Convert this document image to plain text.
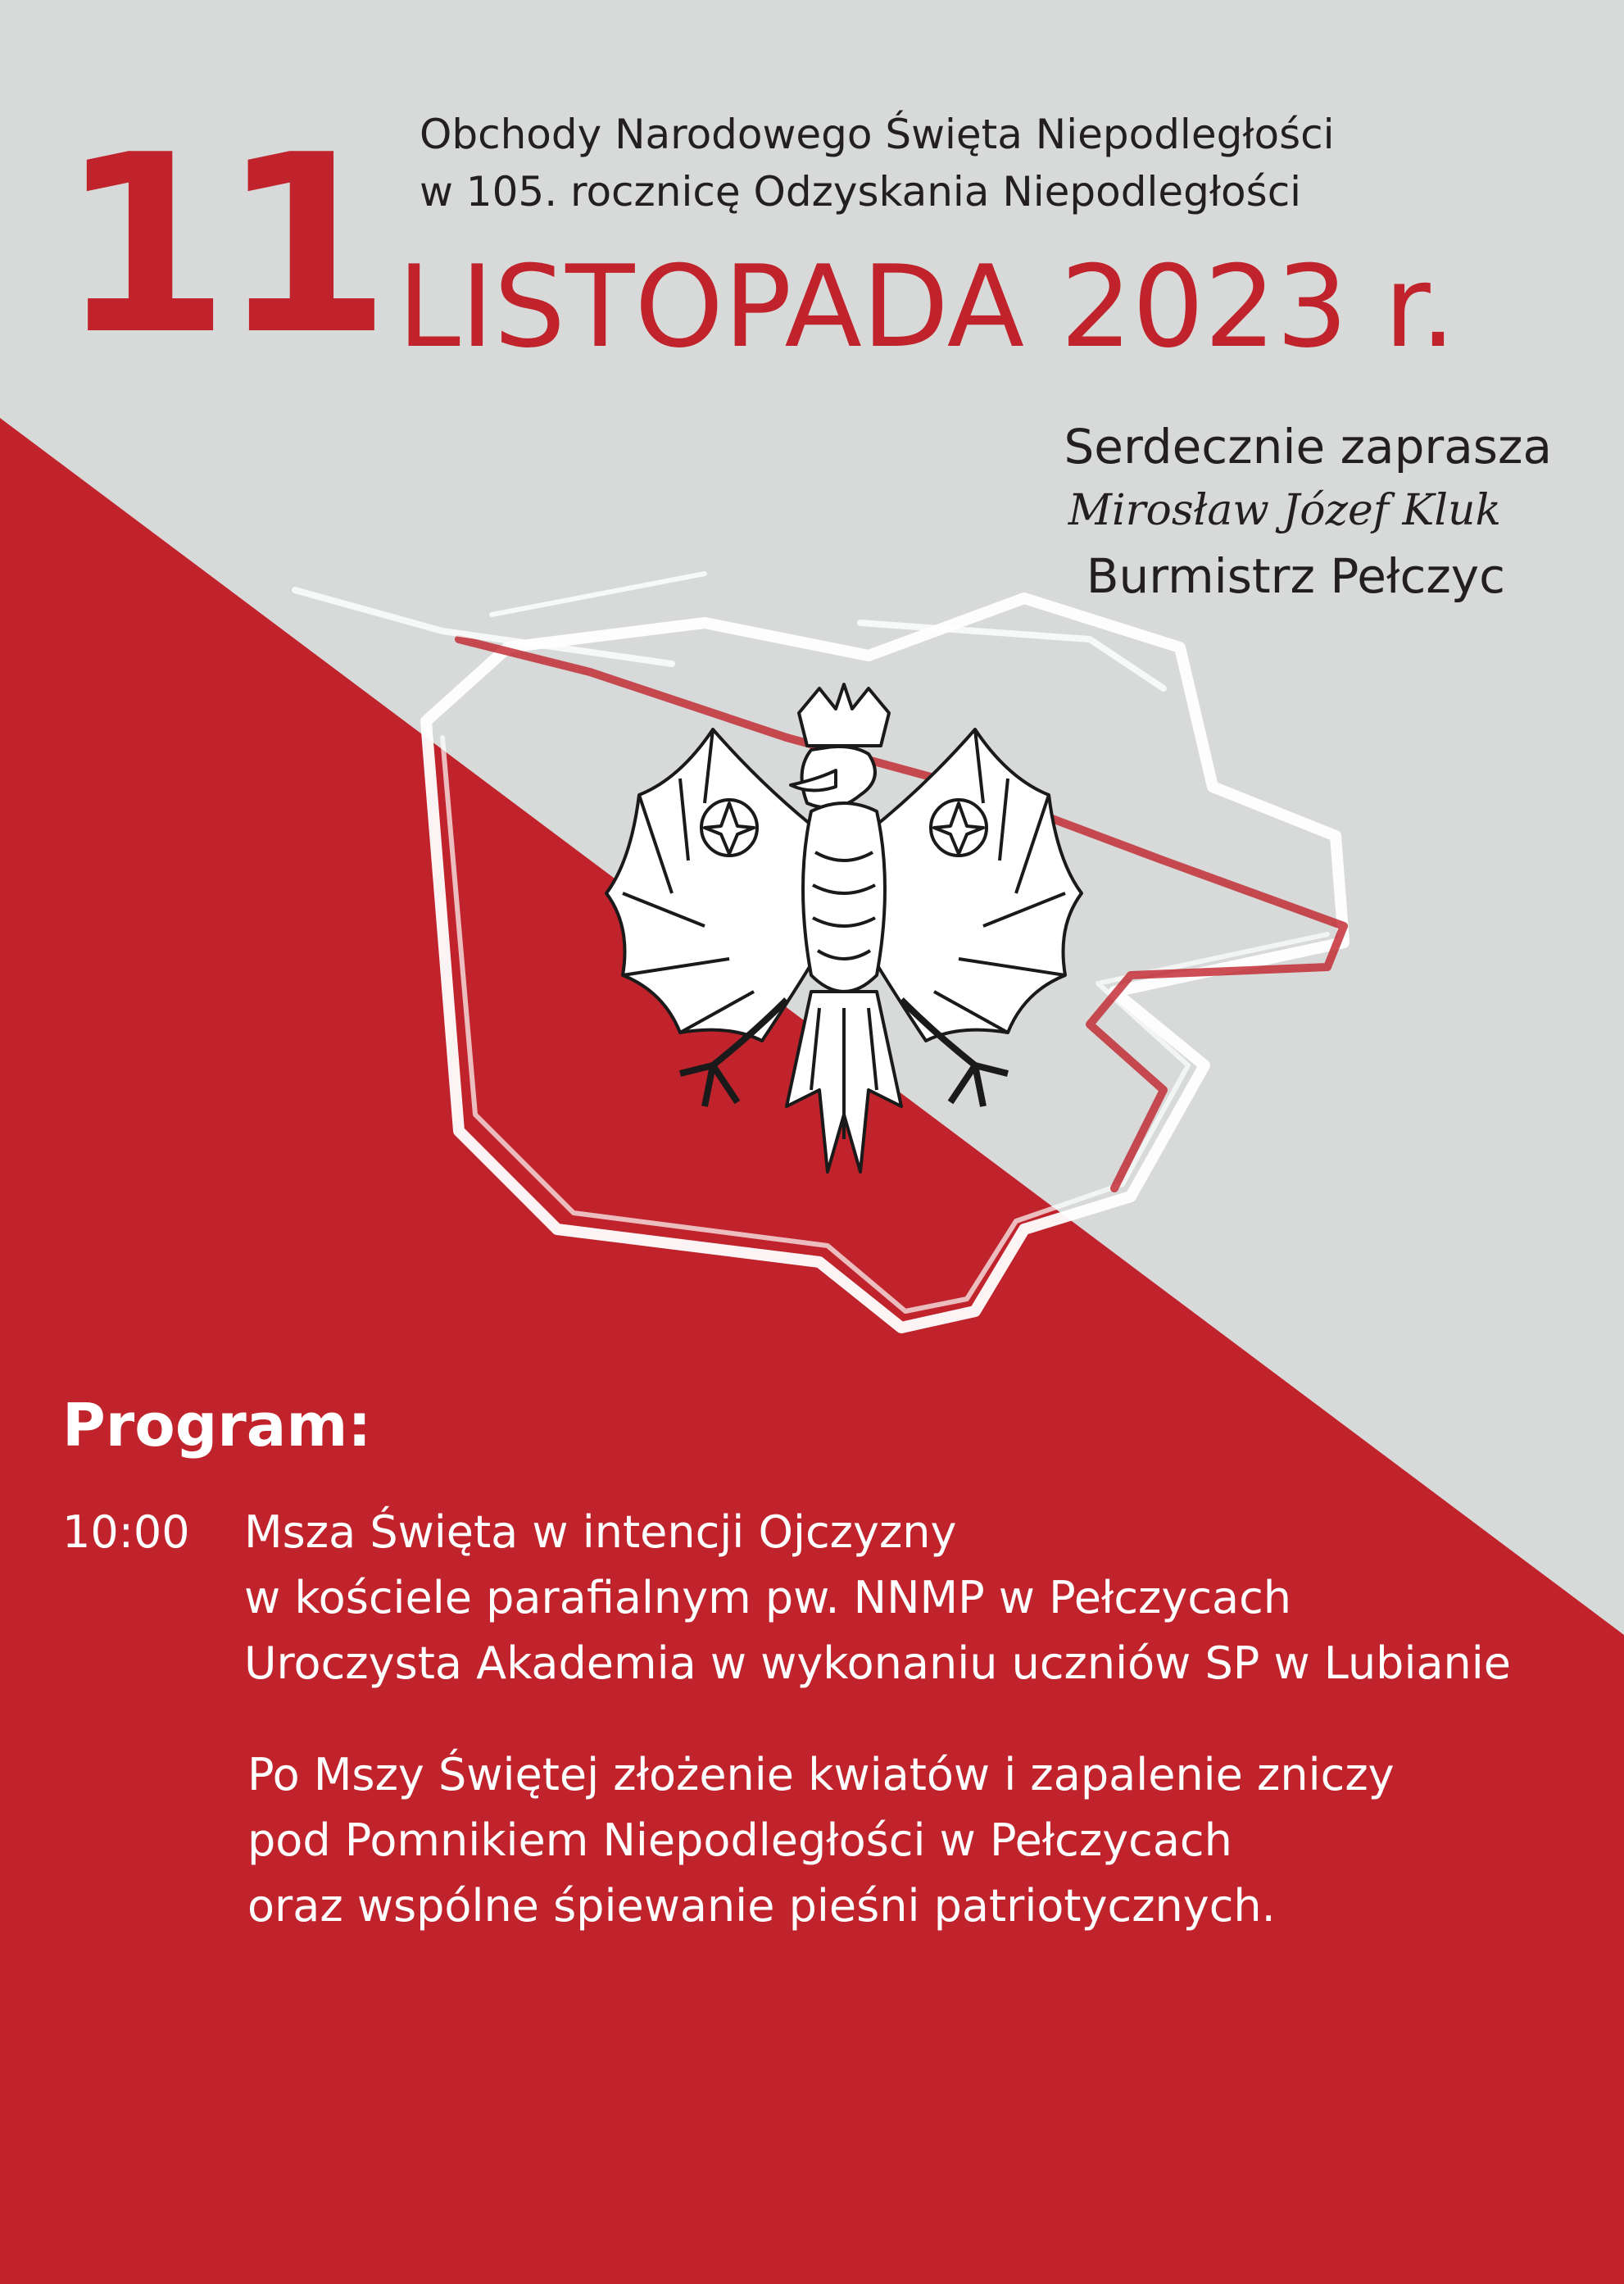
Obchody Narodowego Święta Niepodległości

w 105. rocznicę Odzyskania Niepodległości

11 LISTOPADA 2023 r.

Serdecznie zaprasza

Mirosław Józef Kluk

Burmistrz Pełczyc

Program:

10:00 Msza Święta w intencji Ojczyzny

w kościele parafialnym pw. NNMP w Pełczycach

Uroczysta Akademia w wykonaniu uczniów SP w Lubianie

Po Mszy Świętej złożenie kwiatów i zapalenie zniczy

pod Pomnikiem Niepodległości w Pełczycach

oraz wspólne śpiewanie pieśni patriotycznych.
